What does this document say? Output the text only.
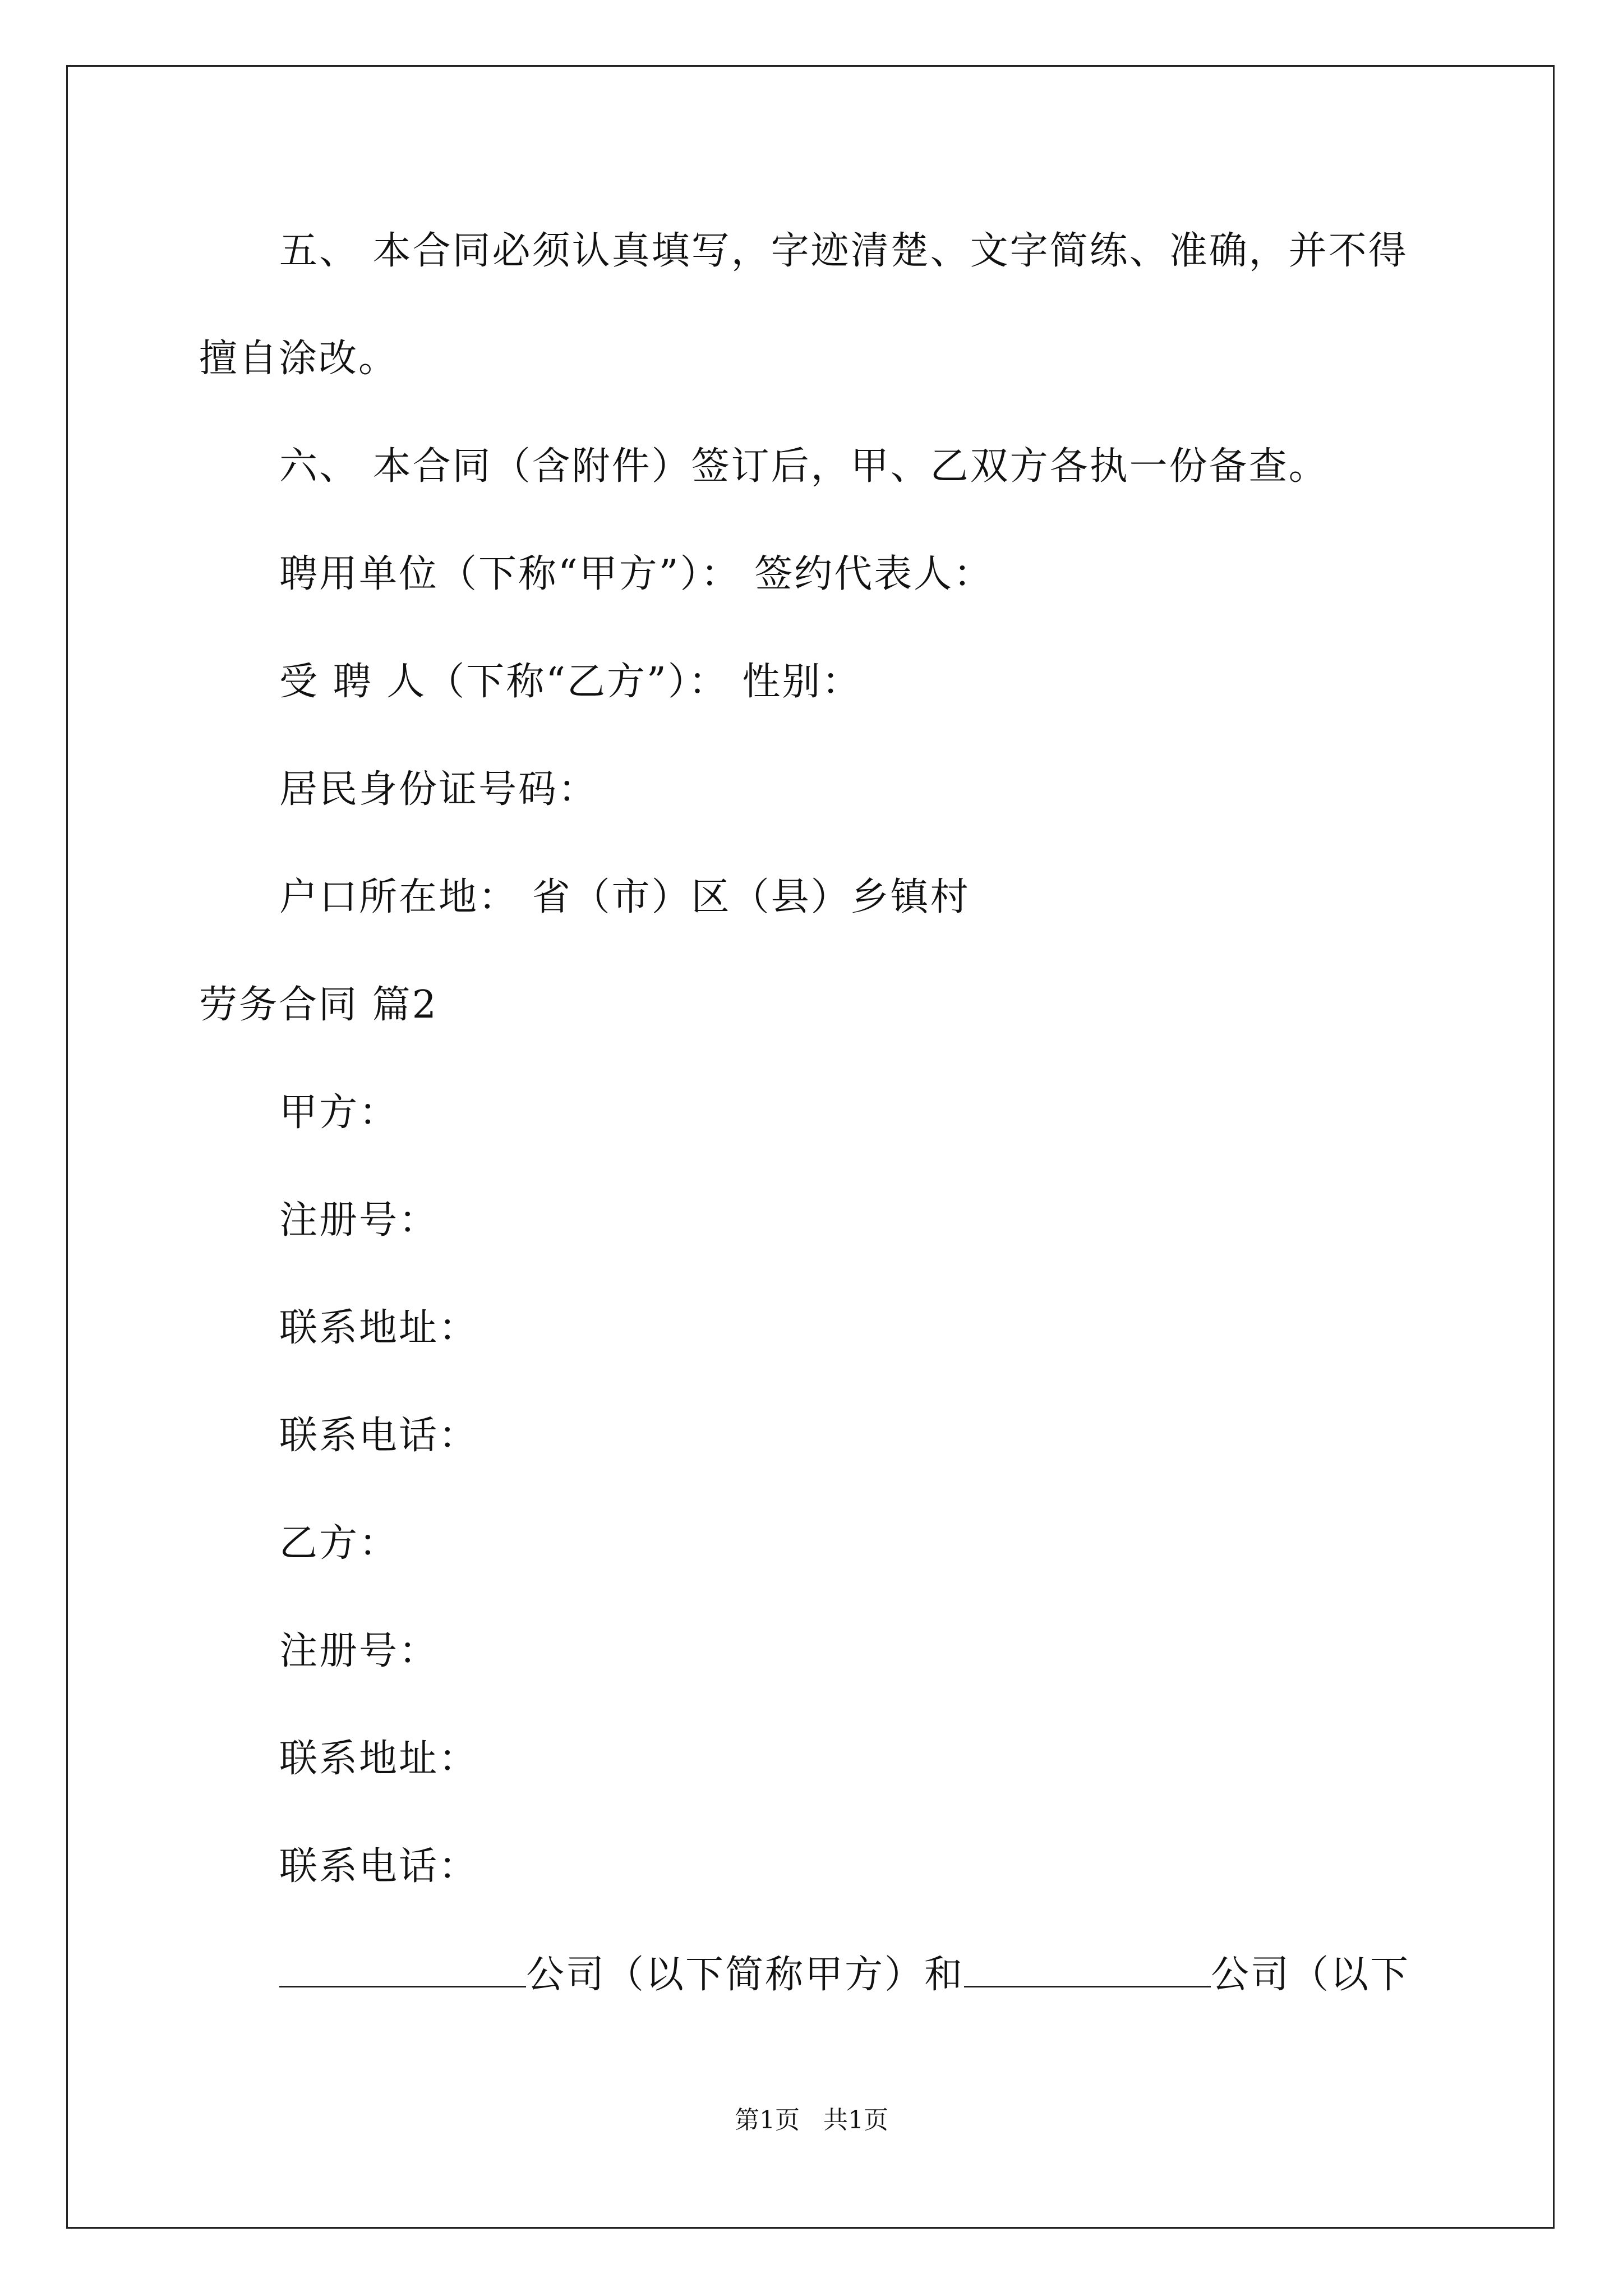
五、 本合同必须认真填写，字迹清楚、文字简练、准确，并不得
擅自涂改。
六、 本合同（含附件）签订后，甲、乙双方各执一份备查。
聘用单位（下称“甲方”）： 签约代表人：
受 聘 人（下称“乙方”）： 性别：
居民身份证号码：
户口所在地： 省（市）区（县）乡镇村
劳务合同 篇2
甲方：
注册号：
联系地址：
联系电话：
乙方：
注册号：
联系地址：
联系电话：
公司（以下简称甲方）和	公司（以下
第1页   共1页
